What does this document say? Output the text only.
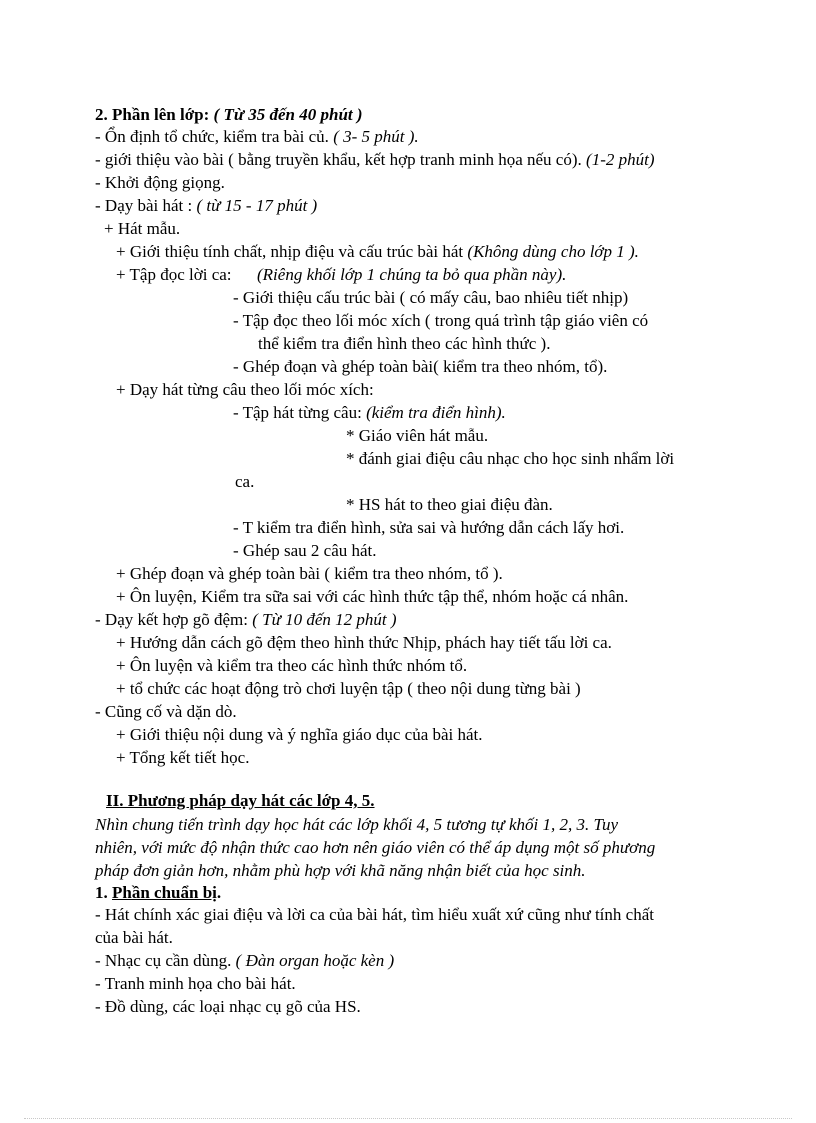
2. Phần lên lớp: ( Từ 35 đến 40 phút )
- Ổn định tổ chức, kiểm tra bài củ. ( 3- 5 phút ).
- giới thiệu vào bài ( bằng truyền khẩu, kết hợp tranh minh họa nếu có). (1-2 phút)
- Khởi động giọng.
- Dạy bài hát : ( từ 15 - 17 phút )
+ Hát mẫu.
+ Giới thiệu tính chất, nhịp điệu và cấu trúc bài hát (Không dùng cho lớp 1 ).
+ Tập đọc lời ca:      (Riêng khối lớp 1 chúng ta bỏ qua phần này).
- Giới thiệu cấu trúc bài ( có mấy câu, bao nhiêu tiết nhịp)
- Tập đọc theo lối móc xích ( trong quá trình tập giáo viên có
thể kiểm tra điển hình theo các hình thức ).
- Ghép đoạn và ghép toàn bài( kiểm tra theo nhóm, tổ).
+ Dạy hát từng câu theo lối móc xích:
- Tập hát từng câu: (kiểm tra điển hình).
* Giáo viên hát mẫu.
* đánh giai điệu câu nhạc cho học sinh nhẩm lời
ca.
* HS hát to theo giai điệu đàn.
- T kiểm tra điển hình, sửa sai và hướng dẫn cách lấy hơi.
- Ghép sau 2 câu hát.
+ Ghép đoạn và ghép toàn bài ( kiểm tra theo nhóm, tổ ).
+ Ôn luyện, Kiểm tra sữa sai với các hình thức tập thể, nhóm hoặc cá nhân.
- Dạy kết hợp gõ đệm: ( Từ 10 đến 12 phút )
+ Hướng dẫn cách gõ đệm theo hình thức Nhịp, phách hay tiết tấu lời ca.
+ Ôn luyện và kiểm tra theo các hình thức nhóm tổ.
+ tổ chức các hoạt động trò chơi luyện tập ( theo nội dung từng bài )
- Cũng cố và dặn dò.
+ Giới thiệu nội dung và ý nghĩa giáo dục của bài hát.
+ Tổng kết tiết học.
II. Phương pháp dạy hát các lớp 4, 5.
Nhìn chung tiến trình dạy học hát các lớp khối 4, 5 tương tự khối 1, 2, 3. Tuy
nhiên, với mức độ nhận thức cao hơn nên giáo viên có thể áp dụng một số phương
pháp đơn giản hơn, nhằm phù hợp với khã năng nhận biết của học sinh.
1. Phần chuẩn bị.
- Hát chính xác giai điệu và lời ca của bài hát, tìm hiểu xuất xứ cũng như tính chất
của bài hát.
- Nhạc cụ cần dùng. ( Đàn organ hoặc kèn )
- Tranh minh họa cho bài hát.
- Đồ dùng, các loại nhạc cụ gõ của HS.
